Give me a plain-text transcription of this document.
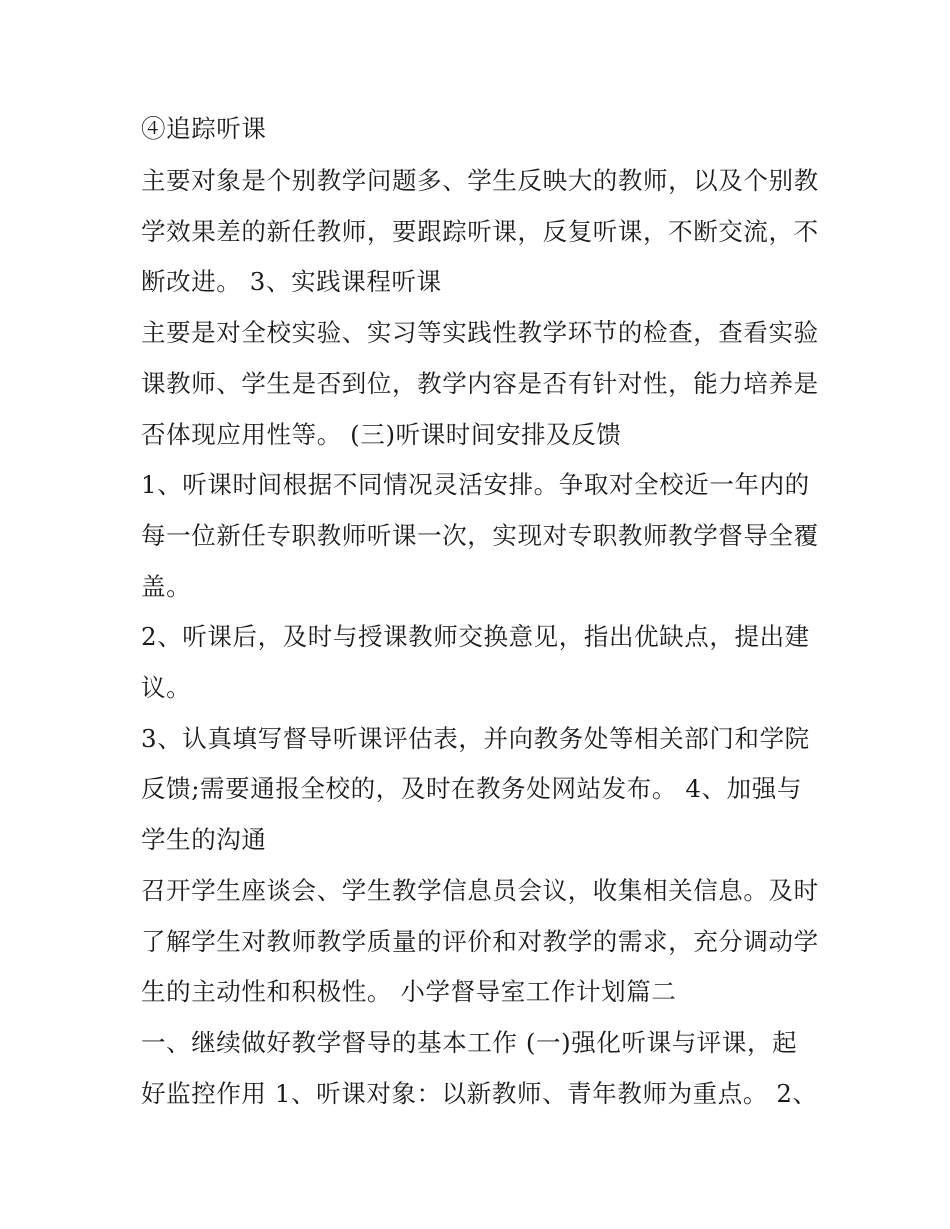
④追踪听课
主要对象是个别教学问题多、学生反映大的教师，以及个别教
学效果差的新任教师，要跟踪听课，反复听课，不断交流，不
断改进。 3、实践课程听课
主要是对全校实验、实习等实践性教学环节的检查，查看实验
课教师、学生是否到位，教学内容是否有针对性，能力培养是
否体现应用性等。 (三)听课时间安排及反馈
1、听课时间根据不同情况灵活安排。争取对全校近一年内的
每一位新任专职教师听课一次，实现对专职教师教学督导全覆
盖。
2、听课后，及时与授课教师交换意见，指出优缺点，提出建
议。
3、认真填写督导听课评估表，并向教务处等相关部门和学院
反馈;需要通报全校的，及时在教务处网站发布。 4、加强与
学生的沟通
召开学生座谈会、学生教学信息员会议，收集相关信息。及时
了解学生对教师教学质量的评价和对教学的需求，充分调动学
生的主动性和积极性。 小学督导室工作计划篇二
一、继续做好教学督导的基本工作 (一)强化听课与评课，起
好监控作用 1、听课对象：以新教师、青年教师为重点。 2、
